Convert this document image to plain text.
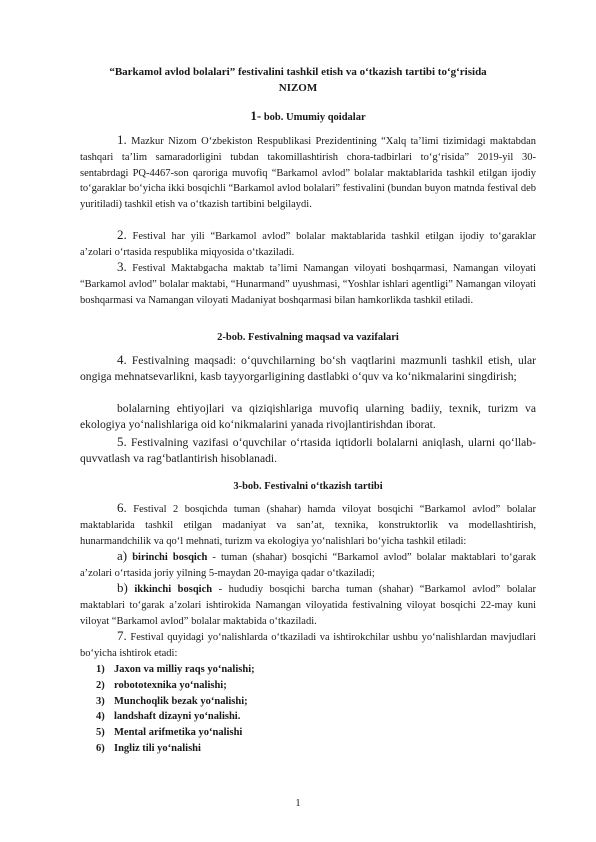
“Barkamol avlod bolalari” festivalini tashkil etish va o‘tkazish tartibi to‘g‘risida
NIZOM
1- bob. Umumiy qoidalar

1. Mazkur Nizom O‘zbekiston Respublikasi Prezidentining “Xalq ta’limi tizimidagi maktabdan tashqari ta’lim samaradorligini tubdan takomillashtirish chora-tadbirlari to‘g‘risida” 2019-yil 30-sentabrdagi PQ-4467-son qaroriga muvofiq “Barkamol avlod” bolalar maktablarida tashkil etilgan ijodiy to‘garaklar bo‘yicha ikki bosqichli “Barkamol avlod bolalari” festivalini (bundan buyon matnda festival deb yuritiladi) tashkil etish va o‘tkazish tartibini belgilaydi.

2. Festival har yili “Barkamol avlod” bolalar maktablarida tashkil etilgan ijodiy to‘garaklar a’zolari o‘rtasida respublika miqyosida o‘tkaziladi.

3. Festival Maktabgacha maktab ta’limi Namangan viloyati boshqarmasi, Namangan viloyati “Barkamol avlod” bolalar maktabi, “Hunarmand” uyushmasi, “Yoshlar ishlari agentligi” Namangan viloyati boshqarmasi va Namangan viloyati Madaniyat boshqarmasi bilan hamkorlikda tashkil etiladi.

2-bob. Festivalning maqsad va vazifalari

4. Festivalning maqsadi: o‘quvchilarning bo‘sh vaqtlarini mazmunli tashkil etish, ular ongiga mehnatsevarlikni, kasb tayyorgarligining dastlabki o‘quv va ko‘nikmalarini singdirish;

bolalarning ehtiyojlari va qiziqishlariga muvofiq ularning badiiy, texnik, turizm va ekologiya yo‘nalishlariga oid ko‘nikmalarini yanada rivojlantirishdan iborat.

5. Festivalning vazifasi o‘quvchilar o‘rtasida iqtidorli bolalarni aniqlash, ularni qo‘llab-quvvatlash va rag‘batlantirish hisoblanadi.

3-bob. Festivalni o‘tkazish tartibi

6. Festival 2 bosqichda tuman (shahar) hamda viloyat bosqichi “Barkamol avlod” bolalar maktablarida tashkil etilgan madaniyat va san’at, texnika, konstruktorlik va modellashtirish, hunarmandchilik va qo‘l mehnati, turizm va ekologiya yo‘nalishlari bo‘yicha tashkil etiladi:

a) birinchi bosqich - tuman (shahar) bosqichi “Barkamol avlod” bolalar maktablari to‘garak a’zolari o‘rtasida joriy yilning 5-maydan 20-mayiga qadar o‘tkaziladi;

b) ikkinchi bosqich - hududiy bosqichi barcha tuman (shahar) “Barkamol avlod” bolalar maktablari to‘garak a’zolari ishtirokida Namangan viloyatida festivalning viloyat bosqichi 22-may kuni viloyat “Barkamol avlod” bolalar maktabida o‘tkaziladi.

7. Festival quyidagi yo‘nalishlarda o‘tkaziladi va ishtirokchilar ushbu yo‘nalishlardan mavjudlari bo‘yicha ishtirok etadi:

1) Jaxon va milliy raqs yo‘nalishi;
2) robototexnika yo‘nalishi;
3) Munchoqlik bezak yo‘nalishi;
4) landshaft dizayni yo‘nalishi.
5) Mental arifmetika yo‘nalishi
6) Ingliz tili yo‘nalishi
1
